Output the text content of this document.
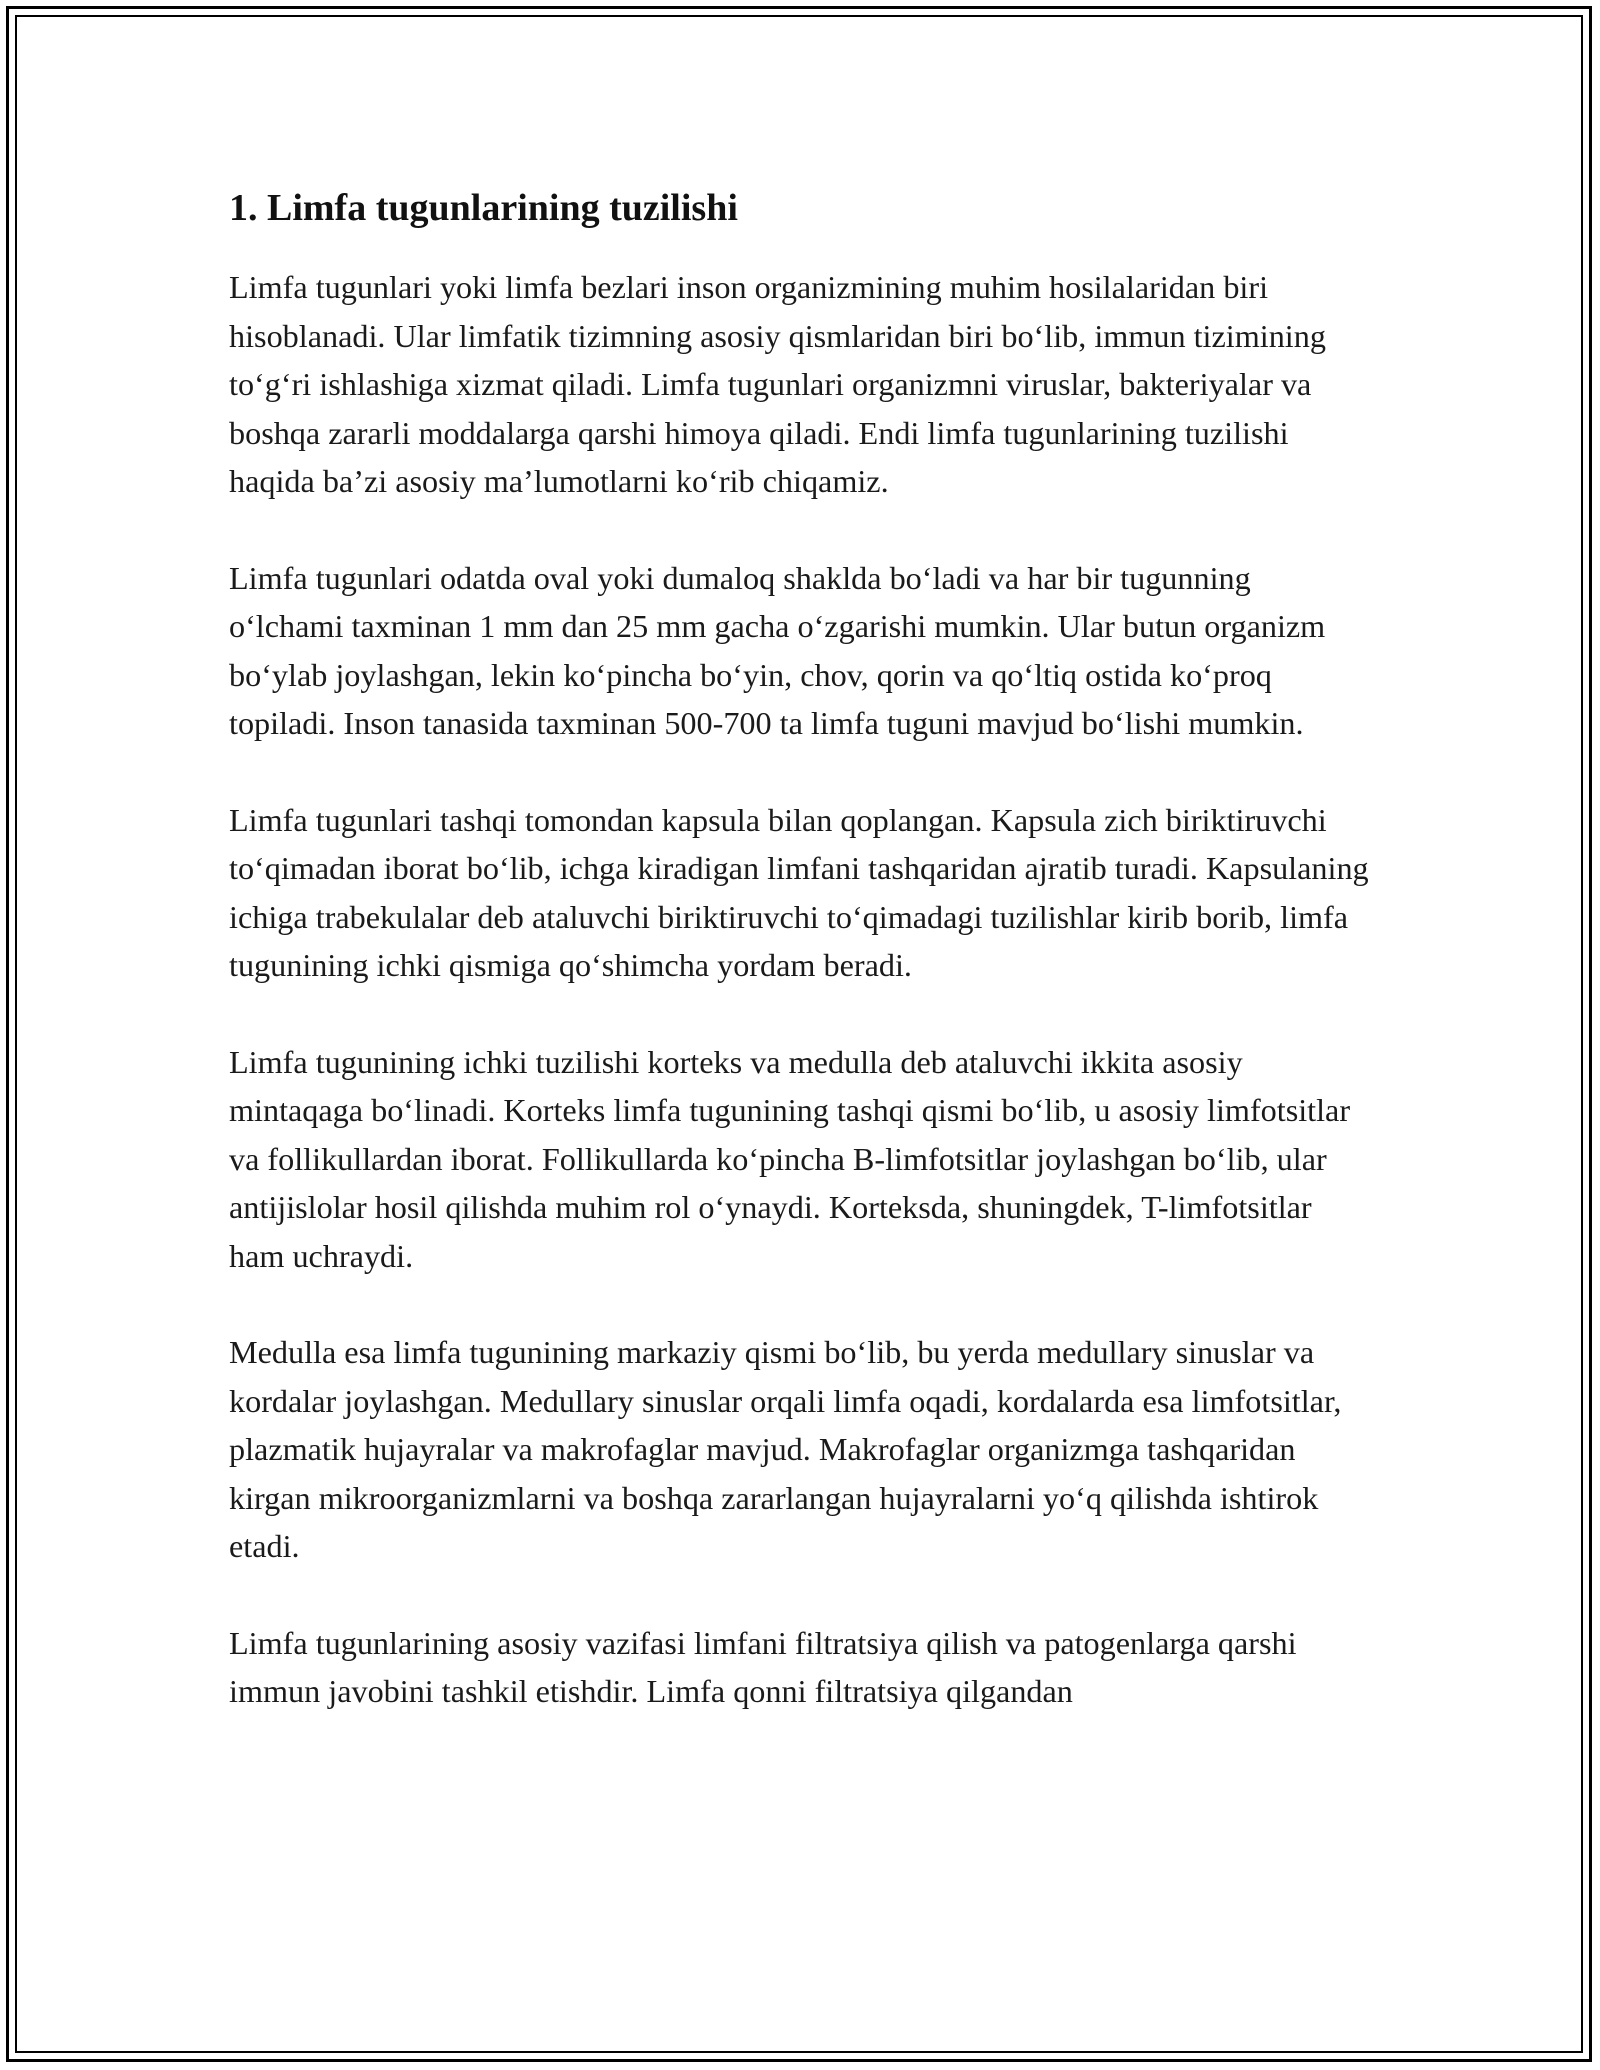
1. Limfa tugunlarining tuzilishi

Limfa tugunlari yoki limfa bezlari inson organizmining muhim hosilalaridan biri hisoblanadi. Ular limfatik tizimning asosiy qismlaridan biri bo‘lib, immun tizimining to‘g‘ri ishlashiga xizmat qiladi. Limfa tugunlari organizmni viruslar, bakteriyalar va boshqa zararli moddalarga qarshi himoya qiladi. Endi limfa tugunlarining tuzilishi haqida ba’zi asosiy ma’lumotlarni ko‘rib chiqamiz.

Limfa tugunlari odatda oval yoki dumaloq shaklda bo‘ladi va har bir tugunning o‘lchami taxminan 1 mm dan 25 mm gacha o‘zgarishi mumkin. Ular butun organizm bo‘ylab joylashgan, lekin ko‘pincha bo‘yin, chov, qorin va qo‘ltiq ostida ko‘proq topiladi. Inson tanasida taxminan 500-700 ta limfa tuguni mavjud bo‘lishi mumkin.

Limfa tugunlari tashqi tomondan kapsula bilan qoplangan. Kapsula zich biriktiruvchi to‘qimadan iborat bo‘lib, ichga kiradigan limfani tashqaridan ajratib turadi. Kapsulaning ichiga trabekulalar deb ataluvchi biriktiruvchi to‘qimadagi tuzilishlar kirib borib, limfa tugunining ichki qismiga qo‘shimcha yordam beradi.

Limfa tugunining ichki tuzilishi korteks va medulla deb ataluvchi ikkita asosiy mintaqaga bo‘linadi. Korteks limfa tugunining tashqi qismi bo‘lib, u asosiy limfotsitlar va follikullardan iborat. Follikullarda ko‘pincha B-limfotsitlar joylashgan bo‘lib, ular antijislolar hosil qilishda muhim rol o‘ynaydi. Korteksda, shuningdek, T-limfotsitlar ham uchraydi.

Medulla esa limfa tugunining markaziy qismi bo‘lib, bu yerda medullary sinuslar va kordalar joylashgan. Medullary sinuslar orqali limfa oqadi, kordalarda esa limfotsitlar, plazmatik hujayralar va makrofaglar mavjud. Makrofaglar organizmga tashqaridan kirgan mikroorganizmlarni va boshqa zararlangan hujayralarni yo‘q qilishda ishtirok etadi.

Limfa tugunlarining asosiy vazifasi limfani filtratsiya qilish va patogenlarga qarshi immun javobini tashkil etishdir. Limfa qonni filtratsiya qilgandan
